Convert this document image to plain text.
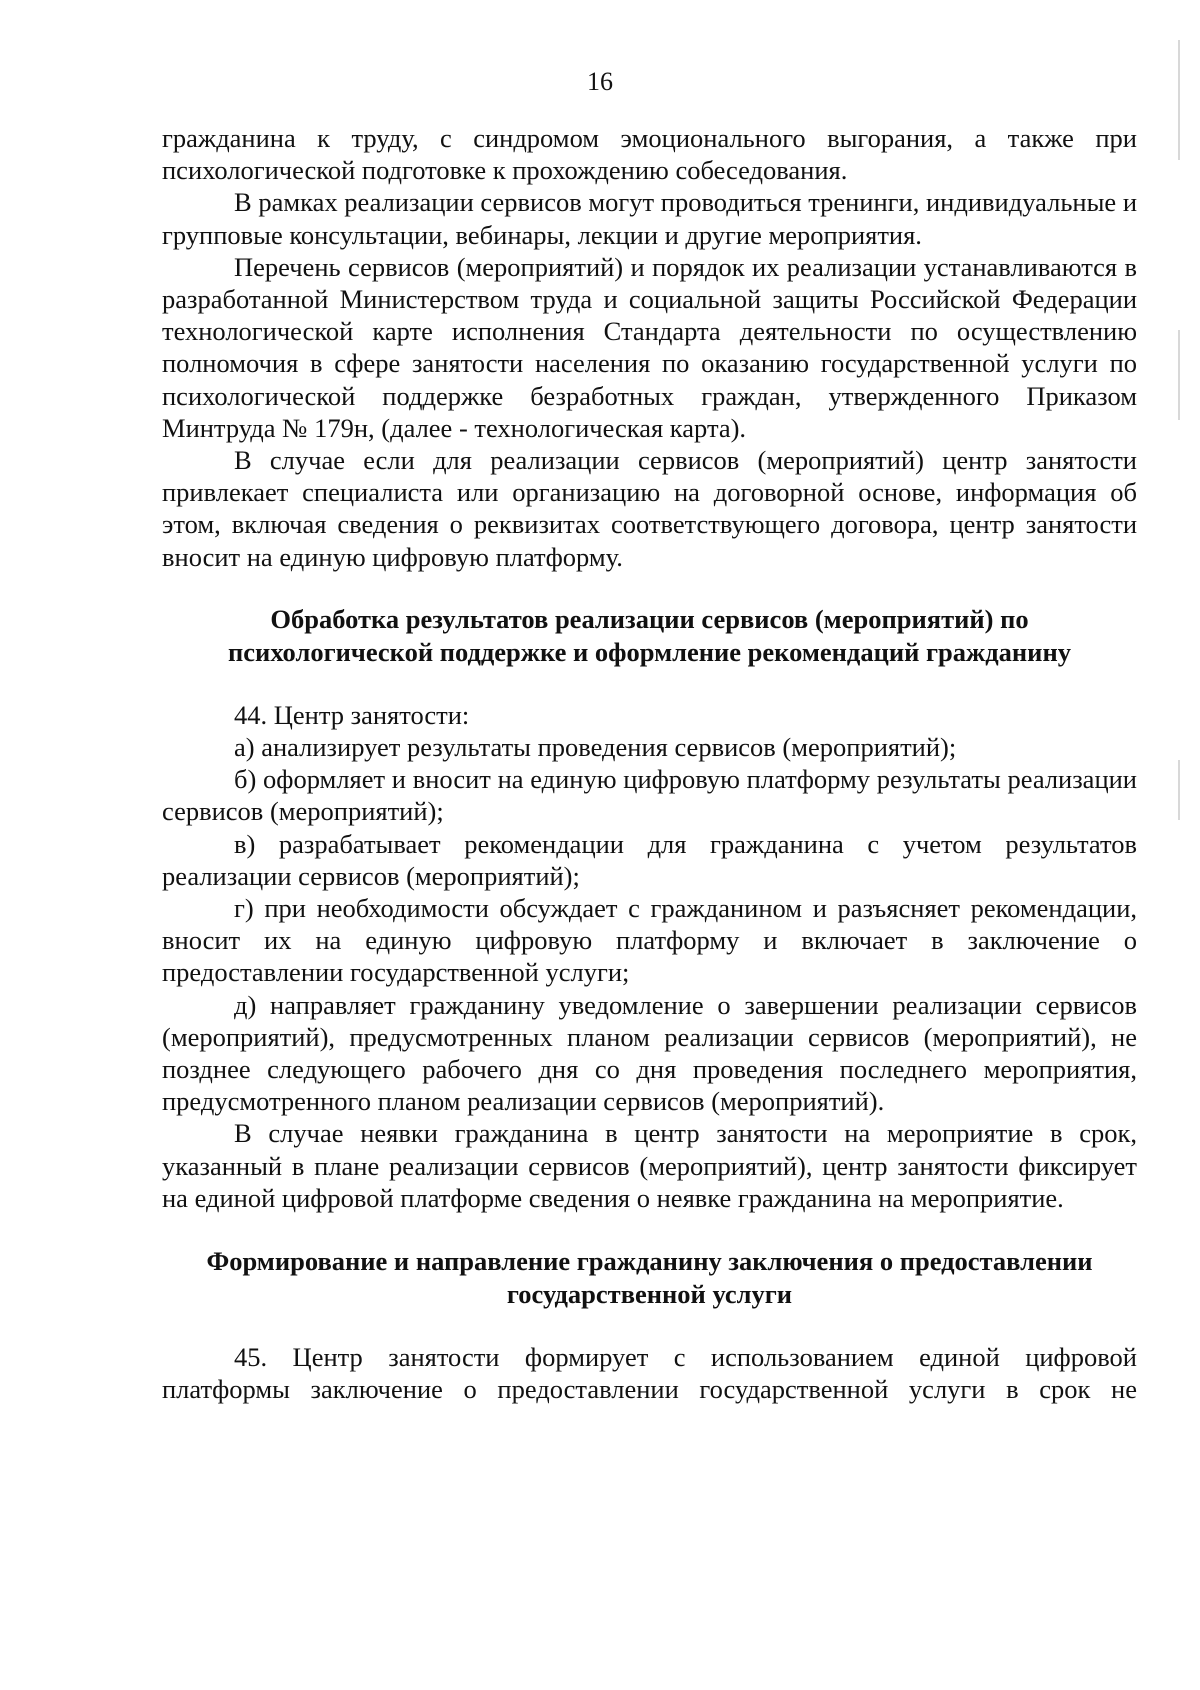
16

гражданина к труду, с синдромом эмоционального выгорания, а также при психологической подготовке к прохождению собеседования.

В рамках реализации сервисов могут проводиться тренинги, индивидуальные и групповые консультации, вебинары, лекции и другие мероприятия.

Перечень сервисов (мероприятий) и порядок их реализации устанавливаются в разработанной Министерством труда и социальной защиты Российской Федерации технологической карте исполнения Стандарта деятельности по осуществлению полномочия в сфере занятости населения по оказанию государственной услуги по психологической поддержке безработных граждан, утвержденного Приказом Минтруда № 179н, (далее - технологическая карта).

В случае если для реализации сервисов (мероприятий) центр занятости привлекает специалиста или организацию на договорной основе, информация об этом, включая сведения о реквизитах соответствующего договора, центр занятости вносит на единую цифровую платформу.

Обработка результатов реализации сервисов (мероприятий) по
психологической поддержке и оформление рекомендаций гражданину

44. Центр занятости:

а) анализирует результаты проведения сервисов (мероприятий);

б) оформляет и вносит на единую цифровую платформу результаты реализации сервисов (мероприятий);

в) разрабатывает рекомендации для гражданина с учетом результатов реализации сервисов (мероприятий);

г) при необходимости обсуждает с гражданином и разъясняет рекомендации, вносит их на единую цифровую платформу и включает в заключение о предоставлении государственной услуги;

д) направляет гражданину уведомление о завершении реализации сервисов (мероприятий), предусмотренных планом реализации сервисов (мероприятий), не позднее следующего рабочего дня со дня проведения последнего мероприятия, предусмотренного планом реализации сервисов (мероприятий).

В случае неявки гражданина в центр занятости на мероприятие в срок, указанный в плане реализации сервисов (мероприятий), центр занятости фиксирует на единой цифровой платформе сведения о неявке гражданина на мероприятие.

Формирование и направление гражданину заключения о предоставлении
государственной услуги

45. Центр занятости формирует с использованием единой цифровой платформы заключение о предоставлении государственной услуги в срок не
